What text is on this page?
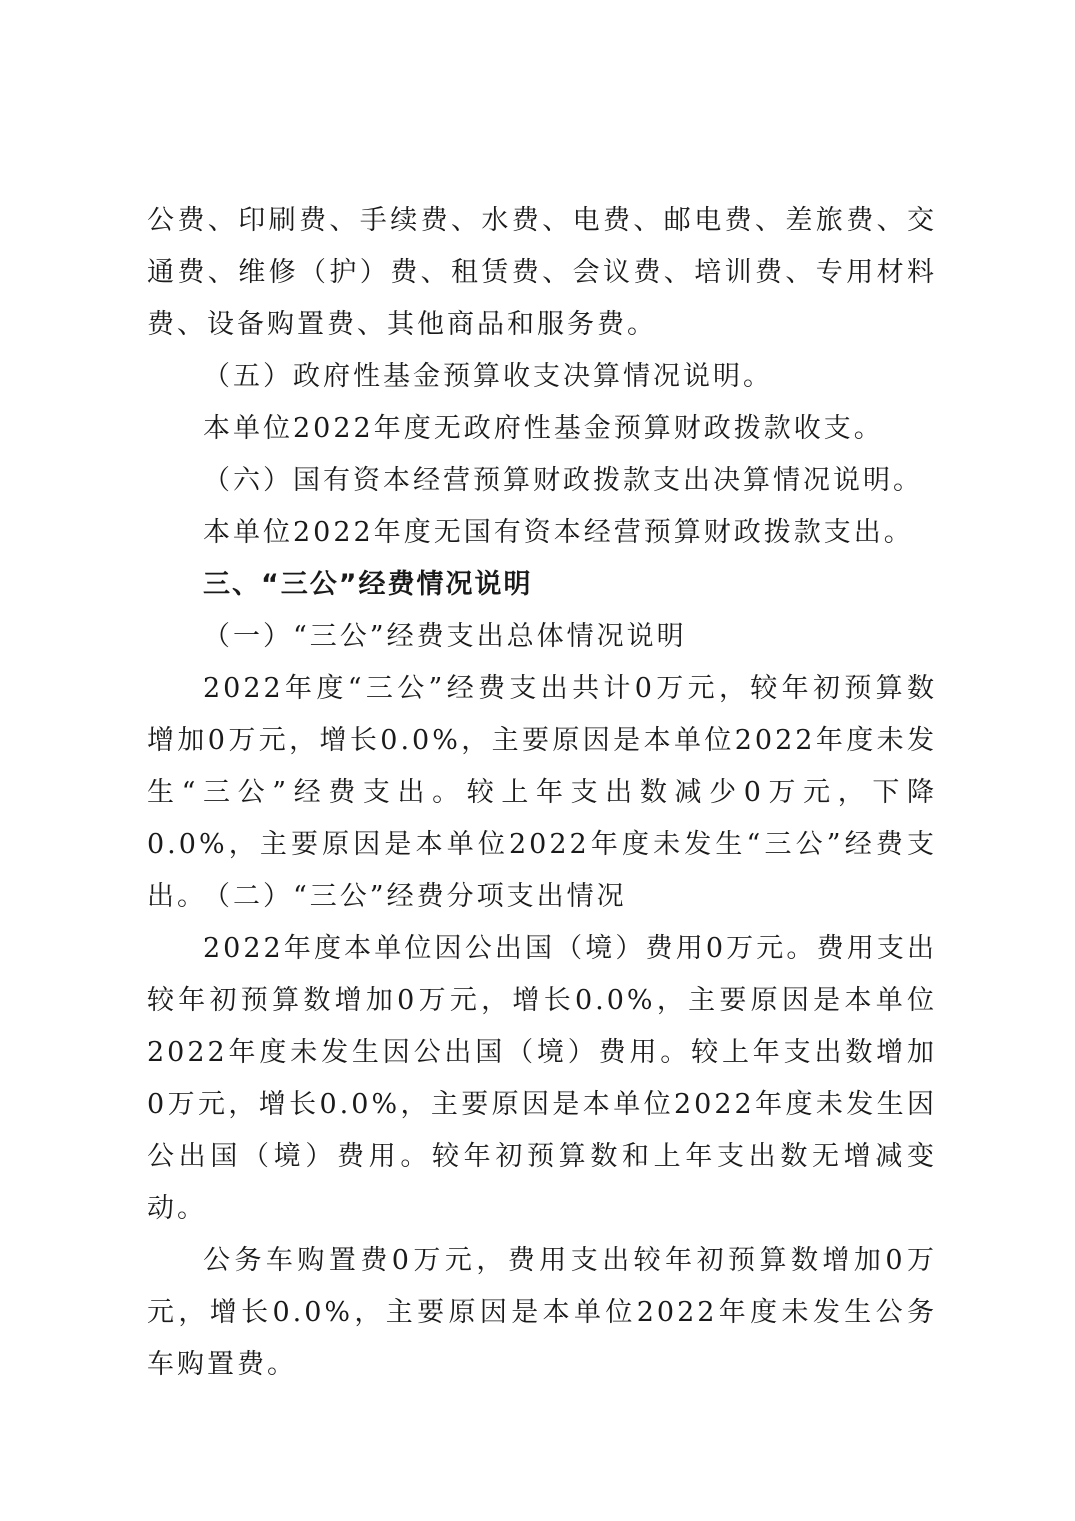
公费、印刷费、手续费、水费、电费、邮电费、差旅费、交通费、维修（护）费、租赁费、会议费、培训费、专用材料费、设备购置费、其他商品和服务费。

（五）政府性基金预算收支决算情况说明。

本单位2022年度无政府性基金预算财政拨款收支。

（六）国有资本经营预算财政拨款支出决算情况说明。

本单位2022年度无国有资本经营预算财政拨款支出。

三、“三公”经费情况说明

（一）“三公”经费支出总体情况说明

2022年度“三公”经费支出共计0万元，较年初预算数增加0万元，增长0.0%，主要原因是本单位2022年度未发生“三公”经费支出。较上年支出数减少0万元，下降0.0%，主要原因是本单位2022年度未发生“三公”经费支出。

（二）“三公”经费分项支出情况

2022年度本单位因公出国（境）费用0万元。费用支出较年初预算数增加0万元，增长0.0%，主要原因是本单位2022年度未发生因公出国（境）费用。较上年支出数增加0万元，增长0.0%，主要原因是本单位2022年度未发生因公出国（境）费用。较年初预算数和上年支出数无增减变动。

公务车购置费0万元，费用支出较年初预算数增加0万元，增长0.0%，主要原因是本单位2022年度未发生公务车购置费。
